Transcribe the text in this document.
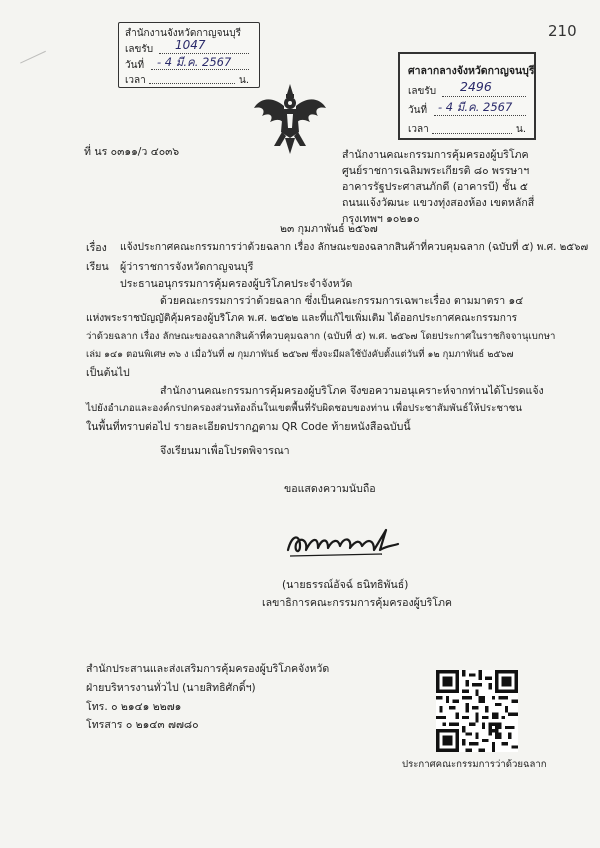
210
สำนักงานจังหวัดกาญจนบุรี
เลขรับ 1047
วันที่ - 4 มี.ค. 2567
เวลา	น.
ศาลากลางจังหวัดกาญจนบุรี
เลขรับ 2496
วันที่ - 4 มี.ค. 2567
เวลา	น.
ที่ นร ๐๓๑๑/ว ๔๐๓๖	สำนักงานคณะกรรมการคุ้มครองผู้บริโภค
ศูนย์ราชการเฉลิมพระเกียรติ ๘๐ พรรษาฯ
อาคารรัฐประศาสนภักดี (อาคารบี) ชั้น ๕
ถนนแจ้งวัฒนะ แขวงทุ่งสองห้อง เขตหลักสี่
กรุงเทพฯ ๑๐๒๑๐
๒๓ กุมภาพันธ์ ๒๕๖๗
เรื่อง แจ้งประกาศคณะกรรมการว่าด้วยฉลาก เรื่อง ลักษณะของฉลากสินค้าที่ควบคุมฉลาก (ฉบับที่ ๕) พ.ศ. ๒๕๖๗
เรียน ผู้ว่าราชการจังหวัดกาญจนบุรี
ประธานอนุกรรมการคุ้มครองผู้บริโภคประจำจังหวัด
ด้วยคณะกรรมการว่าด้วยฉลาก ซึ่งเป็นคณะกรรมการเฉพาะเรื่อง ตามมาตรา ๑๔
แห่งพระราชบัญญัติคุ้มครองผู้บริโภค พ.ศ. ๒๕๒๒ และที่แก้ไขเพิ่มเติม ได้ออกประกาศคณะกรรมการ
ว่าด้วยฉลาก เรื่อง ลักษณะของฉลากสินค้าที่ควบคุมฉลาก (ฉบับที่ ๕) พ.ศ. ๒๕๖๗ โดยประกาศในราชกิจจานุเบกษา
เล่ม ๑๔๑ ตอนพิเศษ ๓๖ ง เมื่อวันที่ ๗ กุมภาพันธ์ ๒๕๖๗ ซึ่งจะมีผลใช้บังคับตั้งแต่วันที่ ๑๒ กุมภาพันธ์ ๒๕๖๗
เป็นต้นไป
สำนักงานคณะกรรมการคุ้มครองผู้บริโภค จึงขอความอนุเคราะห์จากท่านได้โปรดแจ้ง
ไปยังอำเภอและองค์กรปกครองส่วนท้องถิ่นในเขตพื้นที่รับผิดชอบของท่าน เพื่อประชาสัมพันธ์ให้ประชาชน
ในพื้นที่ทราบต่อไป รายละเอียดปรากฏตาม QR Code ท้ายหนังสือฉบับนี้
จึงเรียนมาเพื่อโปรดพิจารณา
ขอแสดงความนับถือ
(นายธรรณ์อัจฉ์ ธนิทธิพันธ์)
เลขาธิการคณะกรรมการคุ้มครองผู้บริโภค
สำนักประสานและส่งเสริมการคุ้มครองผู้บริโภคจังหวัด
ฝ่ายบริหารงานทั่วไป (นายสิทธิศักดิ์ฯ)
โทร. ๐ ๒๑๔๑ ๒๒๗๑
โทรสาร ๐ ๒๑๔๓ ๗๗๘๐
ประกาศคณะกรรมการว่าด้วยฉลาก
